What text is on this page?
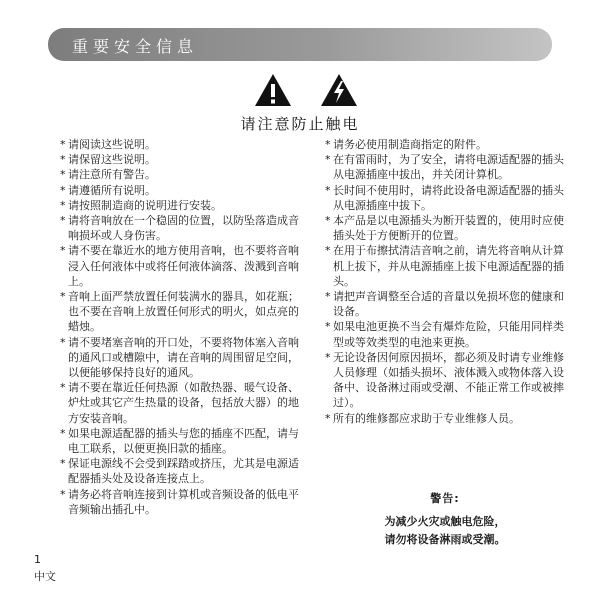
重要安全信息
请注意防止触电

* 请阅读这些说明。

* 请保留这些说明。

* 请注意所有警告。

* 请遵循所有说明。

* 请按照制造商的说明进行安装。

* 请将音响放在一个稳固的位置，以防坠落造成音响损坏或人身伤害。

* 请不要在靠近水的地方使用音响，也不要将音响浸入任何液体中或将任何液体滴落、泼溅到音响上。

* 音响上面严禁放置任何装满水的器具，如花瓶；也不要在音响上放置任何形式的明火，如点亮的蜡烛。

* 请不要堵塞音响的开口处，不要将物体塞入音响的通风口或槽隙中，请在音响的周围留足空间，以便能够保持良好的通风。

* 请不要在靠近任何热源（如散热器、暖气设备、炉灶或其它产生热量的设备，包括放大器）的地方安装音响。

* 如果电源适配器的插头与您的插座不匹配，请与电工联系，以便更换旧款的插座。

* 保证电源线不会受到踩踏或挤压，尤其是电源适配器插头处及设备连接点上。

* 请务必将音响连接到计算机或音频设备的低电平音频输出插孔中。

* 请务必使用制造商指定的附件。

* 在有雷雨时，为了安全，请将电源适配器的插头从电源插座中拔出，并关闭计算机。

* 长时间不使用时，请将此设备电源适配器的插头从电源插座中拔下。

* 本产品是以电源插头为断开装置的，使用时应使插头处于方便断开的位置。

* 在用于布擦拭清洁音响之前，请先将音响从计算机上拔下，并从电源插座上拔下电源适配器的插头。

* 请把声音调整至合适的音量以免损坏您的健康和设备。

* 如果电池更换不当会有爆炸危险，只能用同样类型或等效类型的电池来更换。

* 无论设备因何原因损坏，都必须及时请专业维修人员修理（如插头损坏、液体溅入或物体落入设备中、设备淋过雨或受潮、不能正常工作或被摔过）。

* 所有的维修都应求助于专业维修人员。

警告:
为减少火灾或触电危险，
请勿将设备淋雨或受潮。
1
中文
